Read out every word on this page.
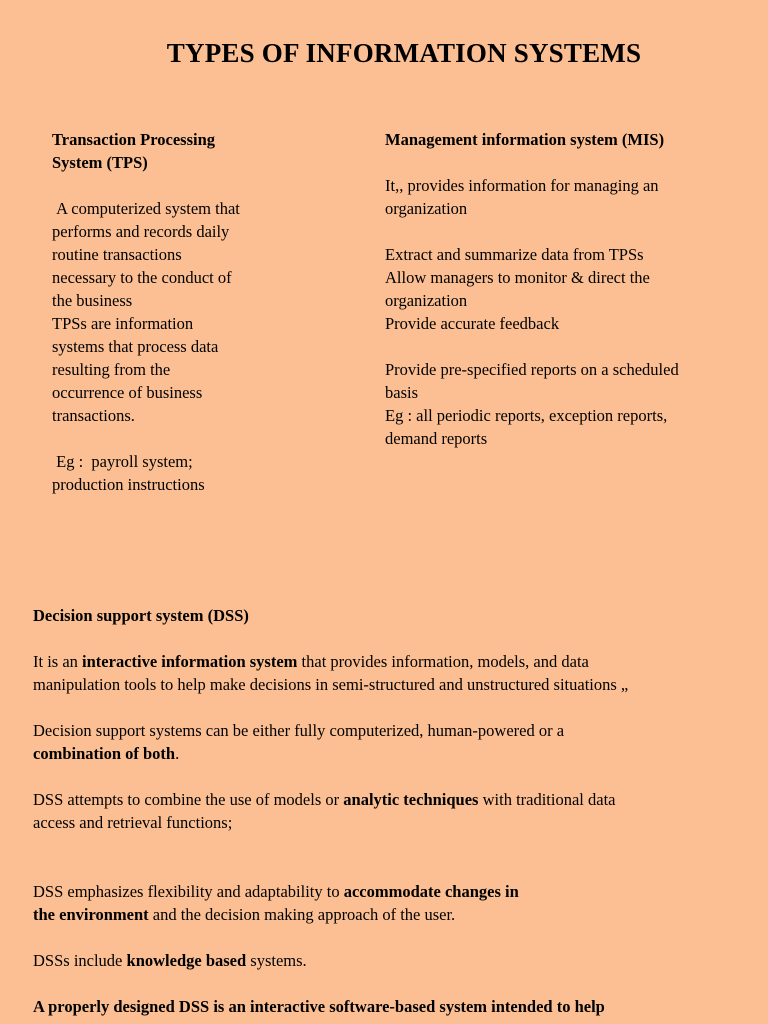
TYPES OF INFORMATION SYSTEMS

Transaction Processing

System (TPS)

A computerized system that

performs and records daily

routine transactions

necessary to the conduct of

the business

TPSs are information

systems that process data

resulting from the

occurrence of business

transactions.

Eg :  payroll system;

production instructions

Management information system (MIS)

It,, provides information for managing an

organization

Extract and summarize data from TPSs

Allow managers to monitor & direct the

organization

Provide accurate feedback

Provide pre-specified reports on a scheduled

basis

Eg : all periodic reports, exception reports,

demand reports

Decision support system (DSS)

It is an interactive information system that provides information, models, and data

manipulation tools to help make decisions in semi-structured and unstructured situations „

Decision support systems can be either fully computerized, human-powered or a

combination of both.

DSS attempts to combine the use of models or analytic techniques with traditional data

access and retrieval functions;

DSS emphasizes flexibility and adaptability to accommodate changes in

the environment and the decision making approach of the user.

DSSs include knowledge based systems.

A properly designed DSS is an interactive software-based system intended to help
